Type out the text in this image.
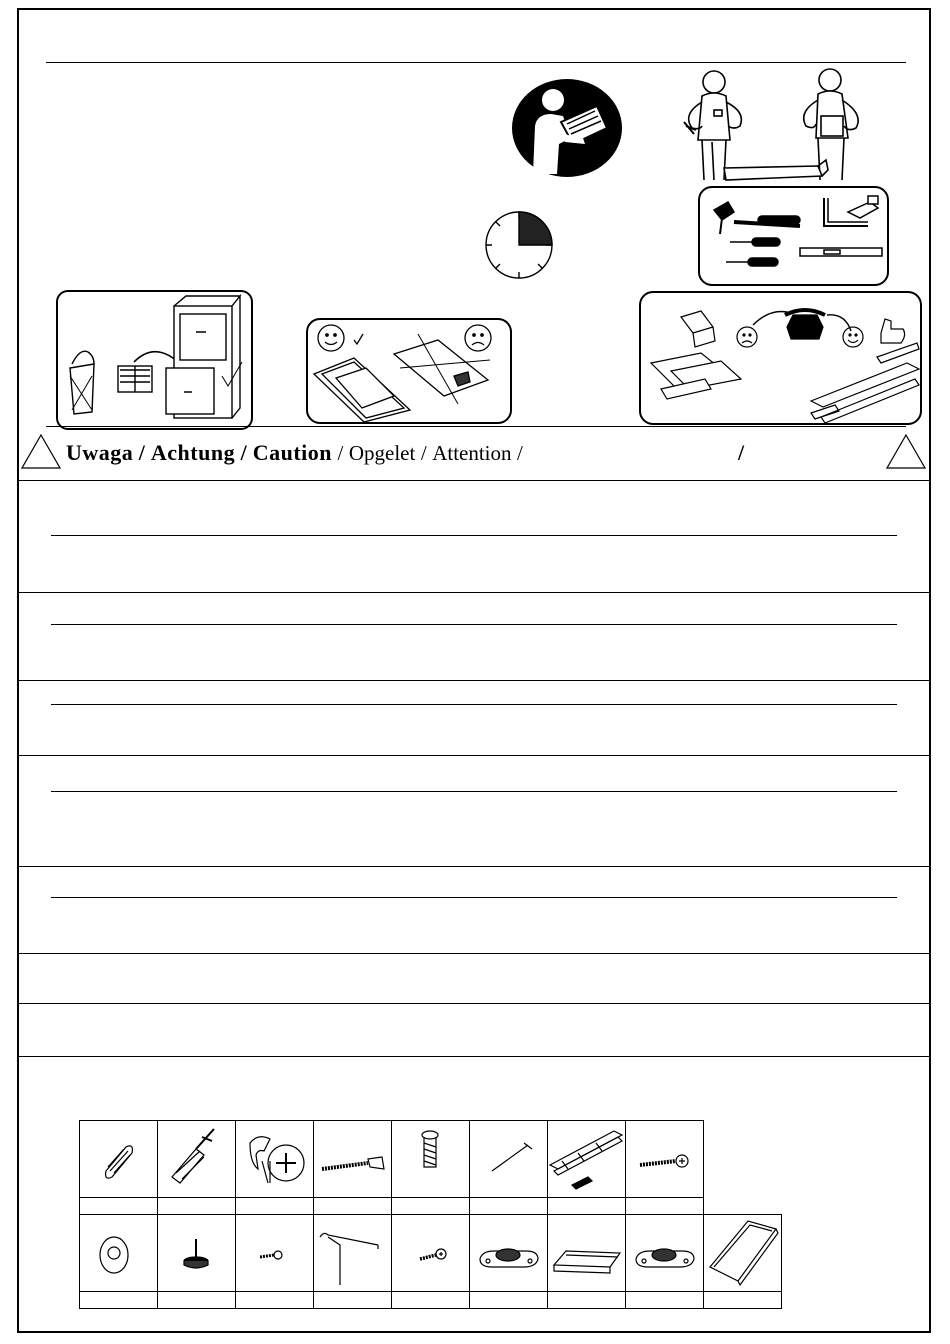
Uwaga / Achtung / Caution / Opgelet / Attention /	/
